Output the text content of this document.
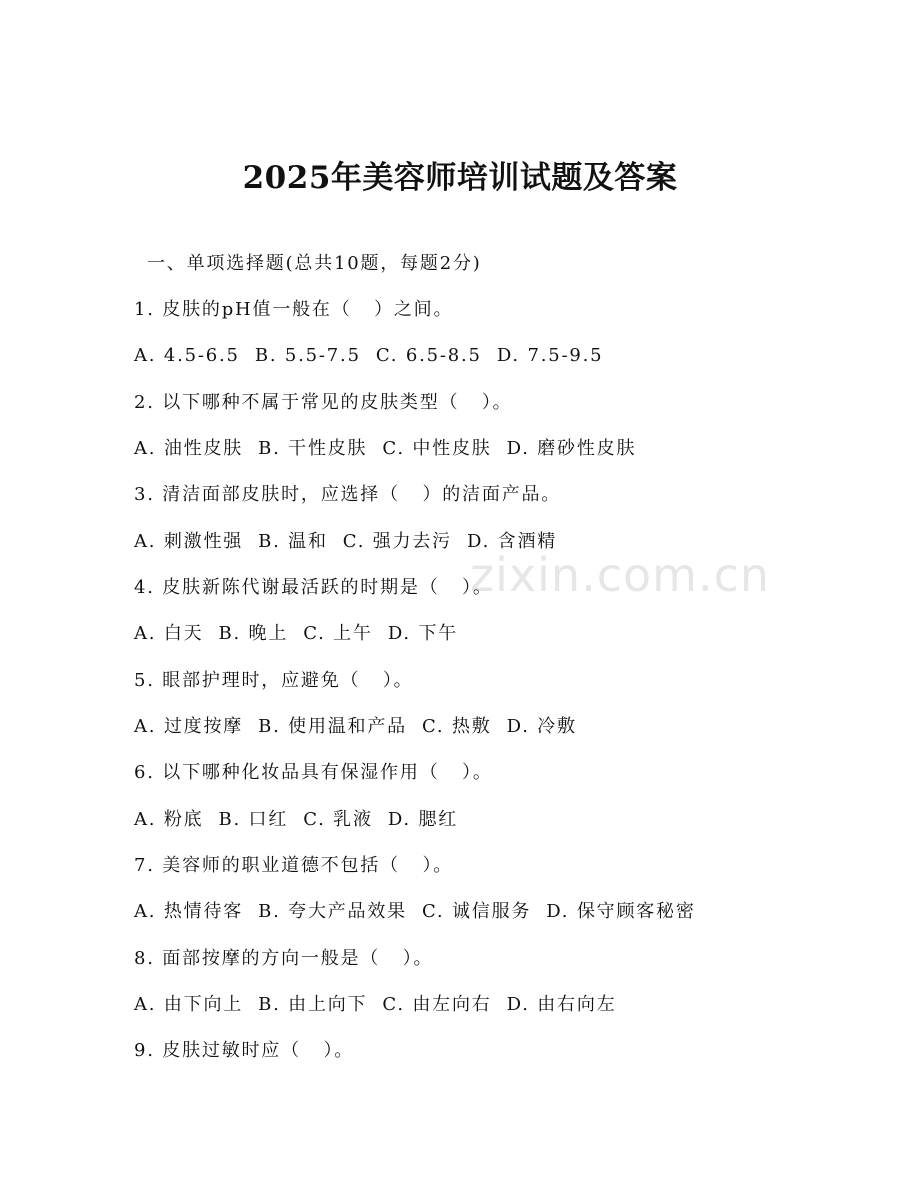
zixin.com.cn
2025年美容师培训试题及答案
一、单项选择题(总共10题，每题2分)
1. 皮肤的pH值一般在（   ）之间。
A. 4.5-6.5  B. 5.5-7.5  C. 6.5-8.5  D. 7.5-9.5
2. 以下哪种不属于常见的皮肤类型（   ）。
A. 油性皮肤  B. 干性皮肤  C. 中性皮肤  D. 磨砂性皮肤
3. 清洁面部皮肤时，应选择（   ）的洁面产品。
A. 刺激性强  B. 温和  C. 强力去污  D. 含酒精
4. 皮肤新陈代谢最活跃的时期是（   ）。
A. 白天  B. 晚上  C. 上午  D. 下午
5. 眼部护理时，应避免（   ）。
A. 过度按摩  B. 使用温和产品  C. 热敷  D. 冷敷
6. 以下哪种化妆品具有保湿作用（   ）。
A. 粉底  B. 口红  C. 乳液  D. 腮红
7. 美容师的职业道德不包括（   ）。
A. 热情待客  B. 夸大产品效果  C. 诚信服务  D. 保守顾客秘密
8. 面部按摩的方向一般是（   ）。
A. 由下向上  B. 由上向下  C. 由左向右  D. 由右向左
9. 皮肤过敏时应（   ）。
